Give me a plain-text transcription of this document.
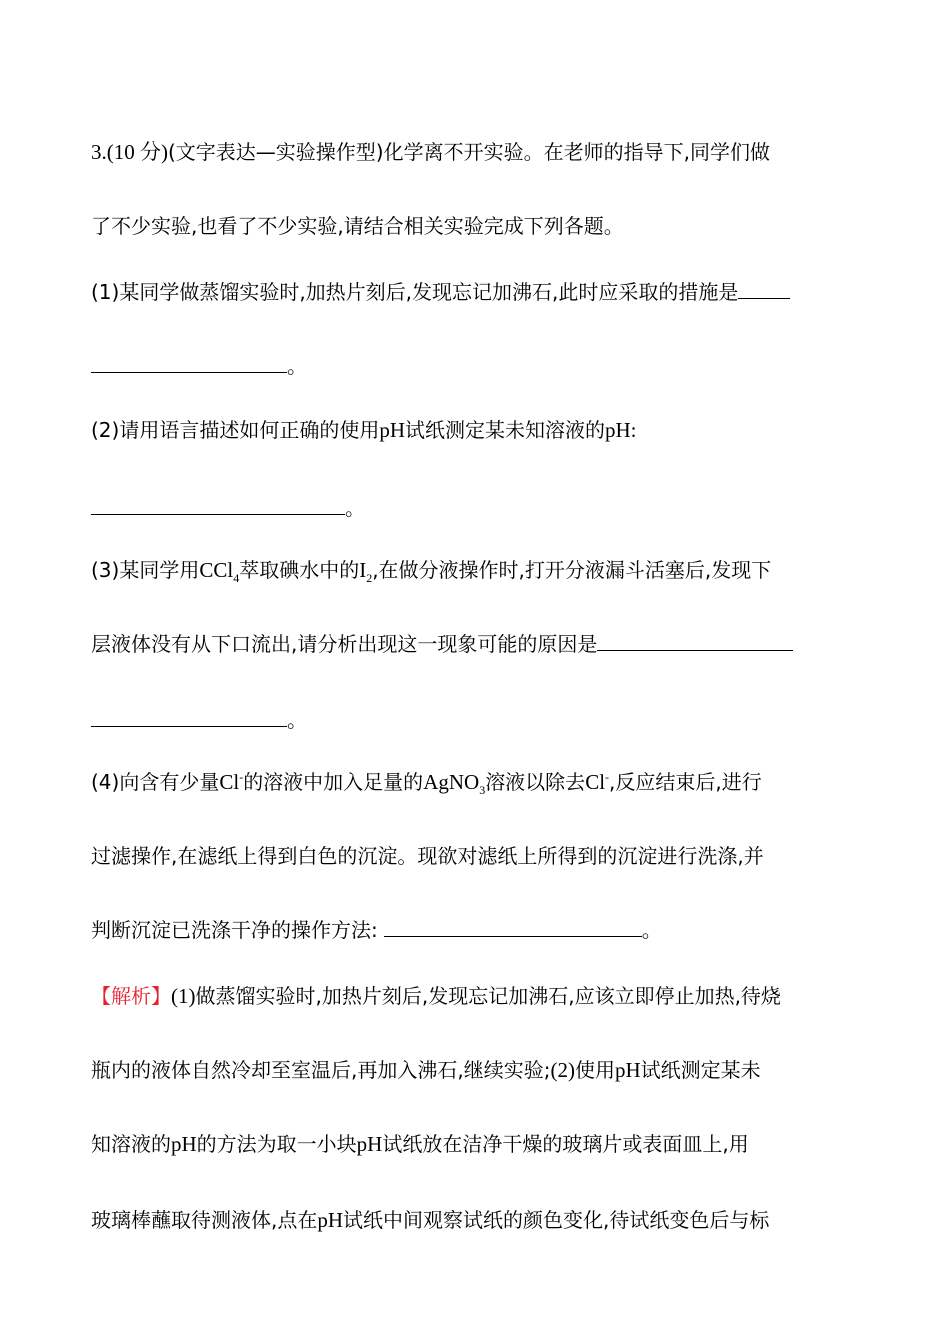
3.(10 分)(文字表达—实验操作型)化学离不开实验。在老师的指导下,同学们做
了不少实验,也看了不少实验,请结合相关实验完成下列各题。
(1)某同学做蒸馏实验时,加热片刻后,发现忘记加沸石,此时应采取的措施是
。
(2)请用语言描述如何正确的使用pH试纸测定某未知溶液的pH:
。
(3)某同学用CCl$_4$萃取碘水中的$I_2$,在做分液操作时,打开分液漏斗活塞后,发现下
层液体没有从下口流出,请分析出现这一现象可能的原因是
。
(4)向含有少量Cl-的溶液中加入足量的AgNO$_3$溶液以除去Cl-,反应结束后,进行
过滤操作,在滤纸上得到白色的沉淀。现欲对滤纸上所得到的沉淀进行洗涤,并
判断沉淀已洗涤干净的操作方法:	。
【解析】(1)做蒸馏实验时,加热片刻后,发现忘记加沸石,应该立即停止加热,待烧
瓶内的液体自然冷却至室温后,再加入沸石,继续实验;(2)使用pH试纸测定某未
知溶液的pH的方法为取一小块pH试纸放在洁净干燥的玻璃片或表面皿上,用
玻璃棒蘸取待测液体,点在pH试纸中间观察试纸的颜色变化,待试纸变色后与标
